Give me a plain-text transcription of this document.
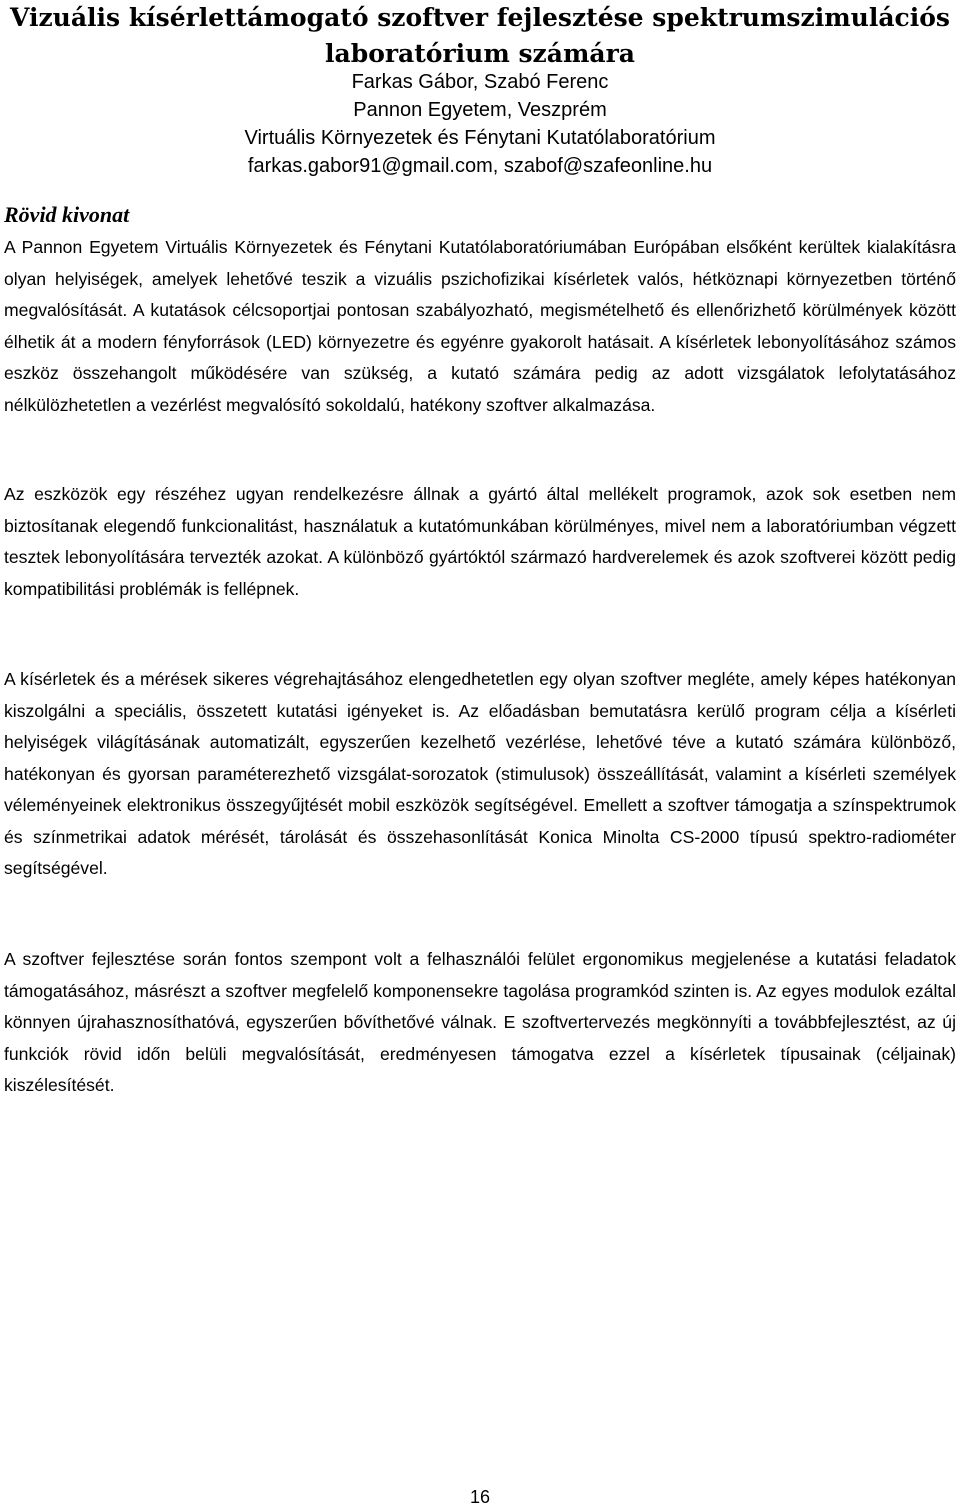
Vizuális kísérlettámogató szoftver fejlesztése spektrumszimulációs
laboratórium számára
Farkas Gábor, Szabó Ferenc
Pannon Egyetem, Veszprém
Virtuális Környezetek és Fénytani Kutatólaboratórium
farkas.gabor91@gmail.com, szabof@szafeonline.hu
Rövid kivonat

A Pannon Egyetem Virtuális Környezetek és Fénytani Kutatólaboratóriumában Európában elsőként kerültek kialakításra olyan helyiségek, amelyek lehetővé teszik a vizuális pszichofizikai kísérletek valós, hétköznapi környezetben történő megvalósítását. A kutatások célcsoportjai pontosan szabályozható, megismételhető és ellenőrizhető körülmények között élhetik át a modern fényforrások (LED) környezetre és egyénre gyakorolt hatásait. A kísérletek lebonyolításához számos eszköz összehangolt működésére van szükség, a kutató számára pedig az adott vizsgálatok lefolytatásához nélkülözhetetlen a vezérlést megvalósító sokoldalú, hatékony szoftver alkalmazása.

Az eszközök egy részéhez ugyan rendelkezésre állnak a gyártó által mellékelt programok, azok sok esetben nem biztosítanak elegendő funkcionalitást, használatuk a kutatómunkában körülményes, mivel nem a laboratóriumban végzett tesztek lebonyolítására tervezték azokat. A különböző gyártóktól származó hardverelemek és azok szoftverei között pedig kompatibilitási problémák is fellépnek.

A kísérletek és a mérések sikeres végrehajtásához elengedhetetlen egy olyan szoftver megléte, amely képes hatékonyan kiszolgálni a speciális, összetett kutatási igényeket is. Az előadásban bemutatásra kerülő program célja a kísérleti helyiségek világításának automatizált, egyszerűen kezelhető vezérlése, lehetővé téve a kutató számára különböző, hatékonyan és gyorsan paraméterezhető vizsgálat-sorozatok (stimulusok) összeállítását, valamint a kísérleti személyek véleményeinek elektronikus összegyűjtését mobil eszközök segítségével. Emellett a szoftver támogatja a színspektrumok és színmetrikai adatok mérését, tárolását és összehasonlítását Konica Minolta CS-2000 típusú spektro-radiométer segítségével.

A szoftver fejlesztése során fontos szempont volt a felhasználói felület ergonomikus megjelenése a kutatási feladatok támogatásához, másrészt a szoftver megfelelő komponensekre tagolása programkód szinten is. Az egyes modulok ezáltal könnyen újrahasznosíthatóvá, egyszerűen bővíthetővé válnak. E szoftvertervezés megkönnyíti a továbbfejlesztést, az új funkciók rövid időn belüli megvalósítását, eredményesen támogatva ezzel a kísérletek típusainak (céljainak) kiszélesítését.

16
